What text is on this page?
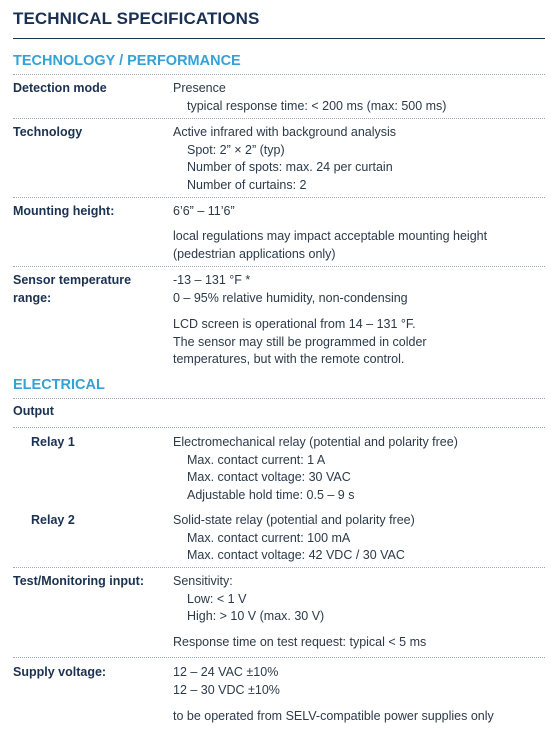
TECHNICAL SPECIFICATIONS
TECHNOLOGY / PERFORMANCE
Detection mode	Presence
typical response time: < 200 ms (max: 500 ms)
Technology	Active infrared with background analysis
Spot: 2” × 2” (typ)
Number of spots: max. 24 per curtain
Number of curtains: 2
Mounting height:	6’6” – 11’6”
local regulations may impact acceptable mounting height
(pedestrian applications only)
Sensor temperature range:
-13 – 131 °F *
0 – 95% relative humidity, non-condensing
LCD screen is operational from 14 – 131 °F.
The sensor may still be programmed in colder
temperatures, but with the remote control.
ELECTRICAL
Output
Relay 1	Electromechanical relay (potential and polarity free)
Max. contact current: 1 A
Max. contact voltage: 30 VAC
Adjustable hold time: 0.5 – 9 s
Relay 2	Solid-state relay (potential and polarity free)
Max. contact current: 100 mA
Max. contact voltage: 42 VDC / 30 VAC
Test/Monitoring input:	Sensitivity:
Low: < 1 V
High: > 10 V (max. 30 V)
Response time on test request: typical < 5 ms
Supply voltage:	12 – 24 VAC ±10%
12 – 30 VDC ±10%
to be operated from SELV-compatible power supplies only
